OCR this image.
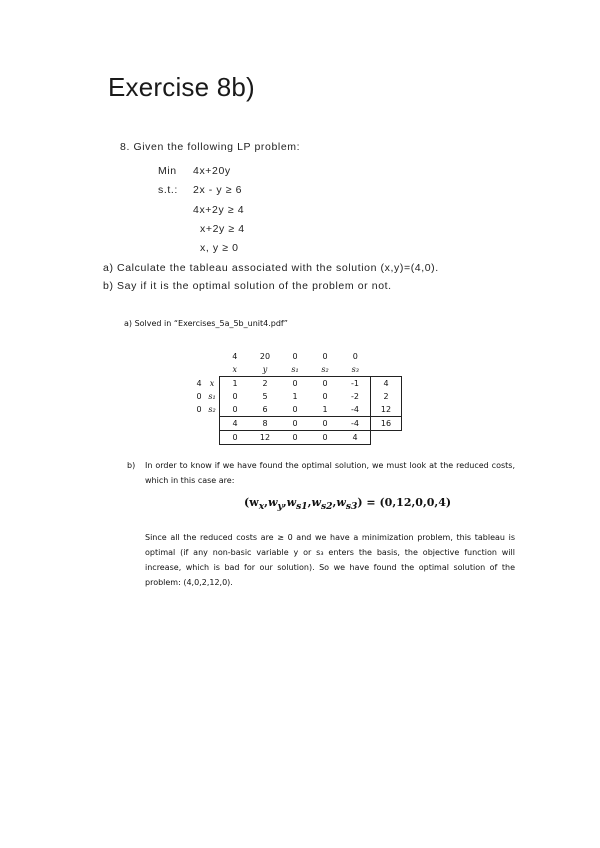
Exercise 8b)
8. Given the following LP problem:
Min 4x+20y
s.t.: 2x - y ≥ 6
4x+2y ≥ 4
x+2y ≥ 4
x, y ≥ 0
a) Calculate the tableau associated with the solution (x,y)=(4,0).
b) Say if it is the optimal solution of the problem or not.
a) Solved in “Exercises_5a_5b_unit4.pdf”
		4	20	0	0	0	
		x	y	s₁	s₂	s₃	
4	x	1	2	0	0	-1	4
0	s₁	0	5	1	0	-2	2
0	s₂	0	6	0	1	-4	12
		4	8	0	0	-4	16
		0	12	0	0	4	
b) In order to know if we have found the optimal solution, we must look at the reduced costs, which in this case are:
$(w_x,w_y,w_{s1},w_{s2},w_{s3}) = (0,12,0,0,4)$
Since all the reduced costs are ≥ 0 and we have a minimization problem, this tableau is optimal (if any non-basic variable y or s₃ enters the basis, the objective function will increase, which is bad for our solution). So we have found the optimal solution of the problem: (4,0,2,12,0).
